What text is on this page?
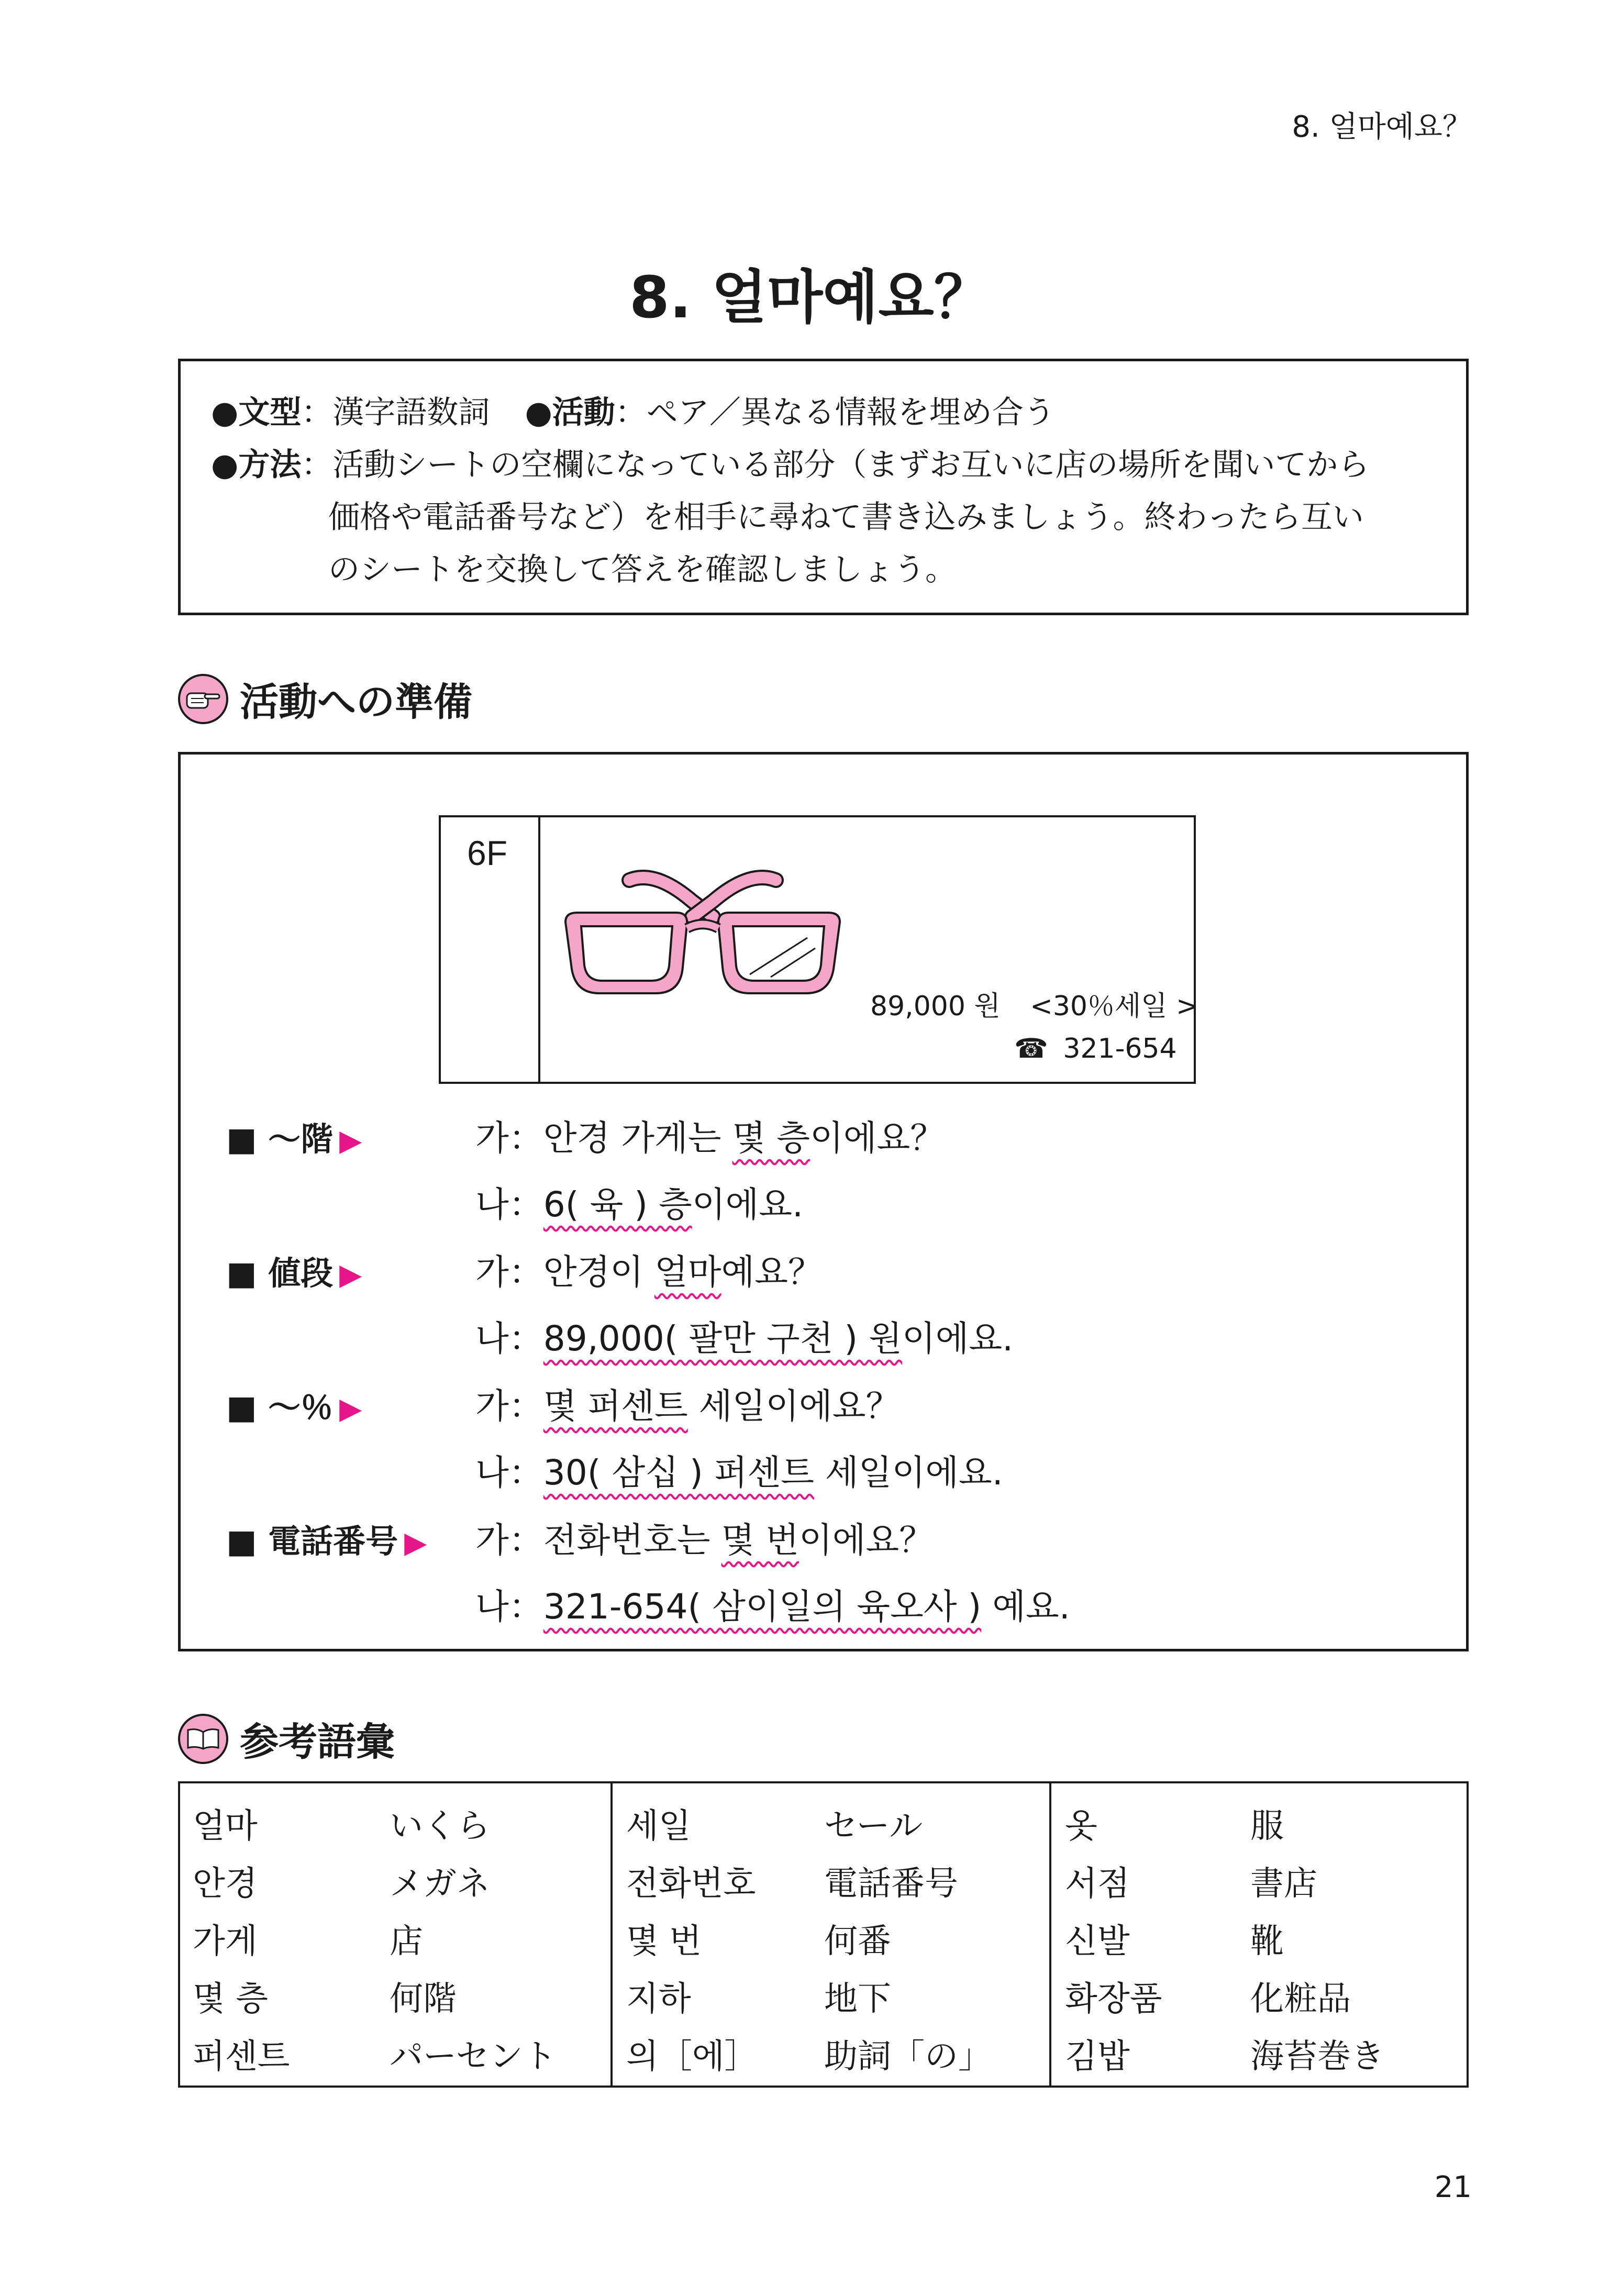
8. 얼마예요？
8. 얼마예요？
●文型：漢字語数詞 ●活動：ペア／異なる情報を埋め合う
●方法：活動シートの空欄になっている部分（まずお互いに店の場所を聞いてから
価格や電話番号など）を相手に尋ねて書き込みましょう。終わったら互い
のシートを交換して答えを確認しましょう。
活動への準備
6F
89,000 원 <30％세일 >
☎ 321-654
■ 〜階 ▶	가：안경 가게는 몇 층이에요？
나：6( 육 ) 층이에요.
■ 値段 ▶	가：안경이 얼마예요？
나：89,000( 팔만 구천 ) 원이에요.
■ 〜％ ▶	가：몇 퍼센트 세일이에요？
나：30( 삼십 ) 퍼센트 세일이에요.
■ 電話番号 ▶ 가：전화번호는 몇 번이에요？
나：321-654( 삼이일의 육오사 ) 예요.
参考語彙
얼마	いくら
안경	メガネ
가게	店
몇 층	何階
퍼센트	パーセント
세일	セール
전화번호 電話番号
몇 번	何番
지하	地下
의［에］ 助詞「の」
옷	服
서점	書店
신발	靴
화장품	化粧品
김밥	海苔巻き
21
